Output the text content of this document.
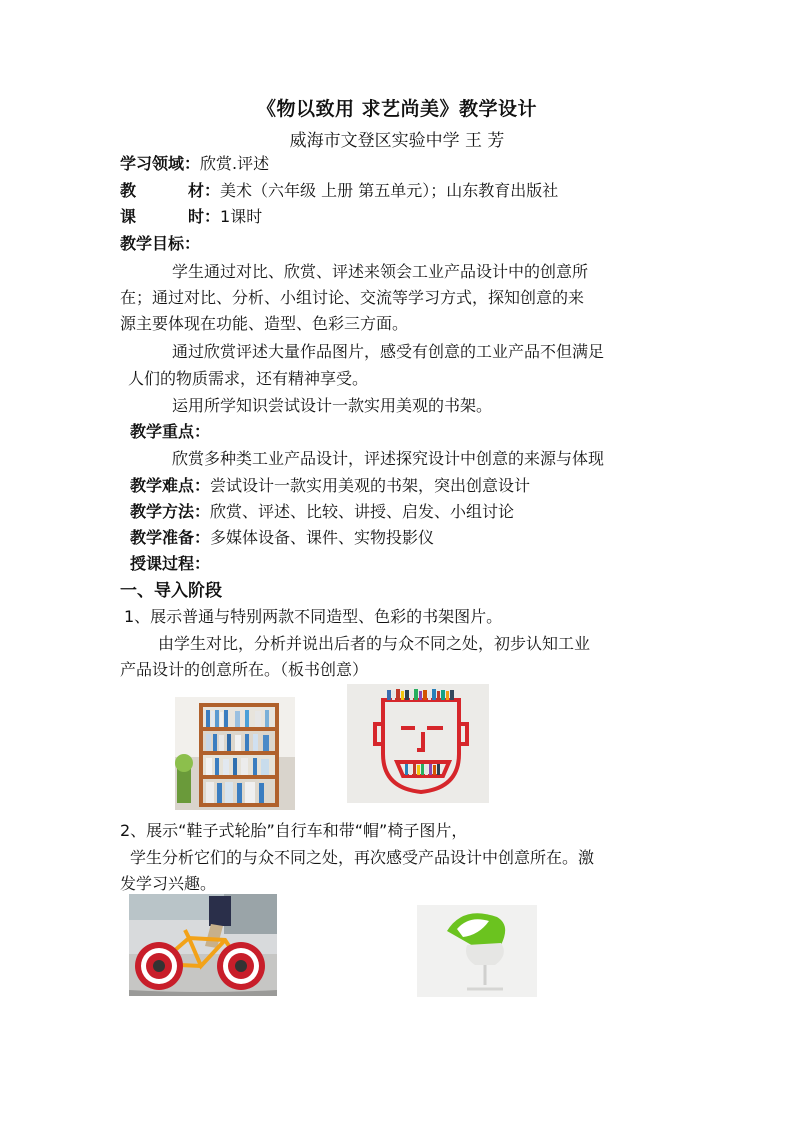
《物以致用 求艺尚美》教学设计
威海市文登区实验中学 王 芳
学习领域：欣赏.评述
教	材：美术（六年级 上册 第五单元）；山东教育出版社
课	时：1课时
教学目标：
学生通过对比、欣赏、评述来领会工业产品设计中的创意所
在；通过对比、分析、小组讨论、交流等学习方式，探知创意的来
源主要体现在功能、造型、色彩三方面。
通过欣赏评述大量作品图片，感受有创意的工业产品不但满足
人们的物质需求，还有精神享受。
运用所学知识尝试设计一款实用美观的书架。
教学重点：
欣赏多种类工业产品设计，评述探究设计中创意的来源与体现
教学难点：尝试设计一款实用美观的书架，突出创意设计
教学方法：欣赏、评述、比较、讲授、启发、小组讨论
教学准备：多媒体设备、课件、实物投影仪
授课过程：
一、导入阶段
1、展示普通与特别两款不同造型、色彩的书架图片。
由学生对比，分析并说出后者的与众不同之处，初步认知工业
产品设计的创意所在。（板书创意）
2、展示“鞋子式轮胎”自行车和带“帽”椅子图片，
学生分析它们的与众不同之处，再次感受产品设计中创意所在。激
发学习兴趣。
